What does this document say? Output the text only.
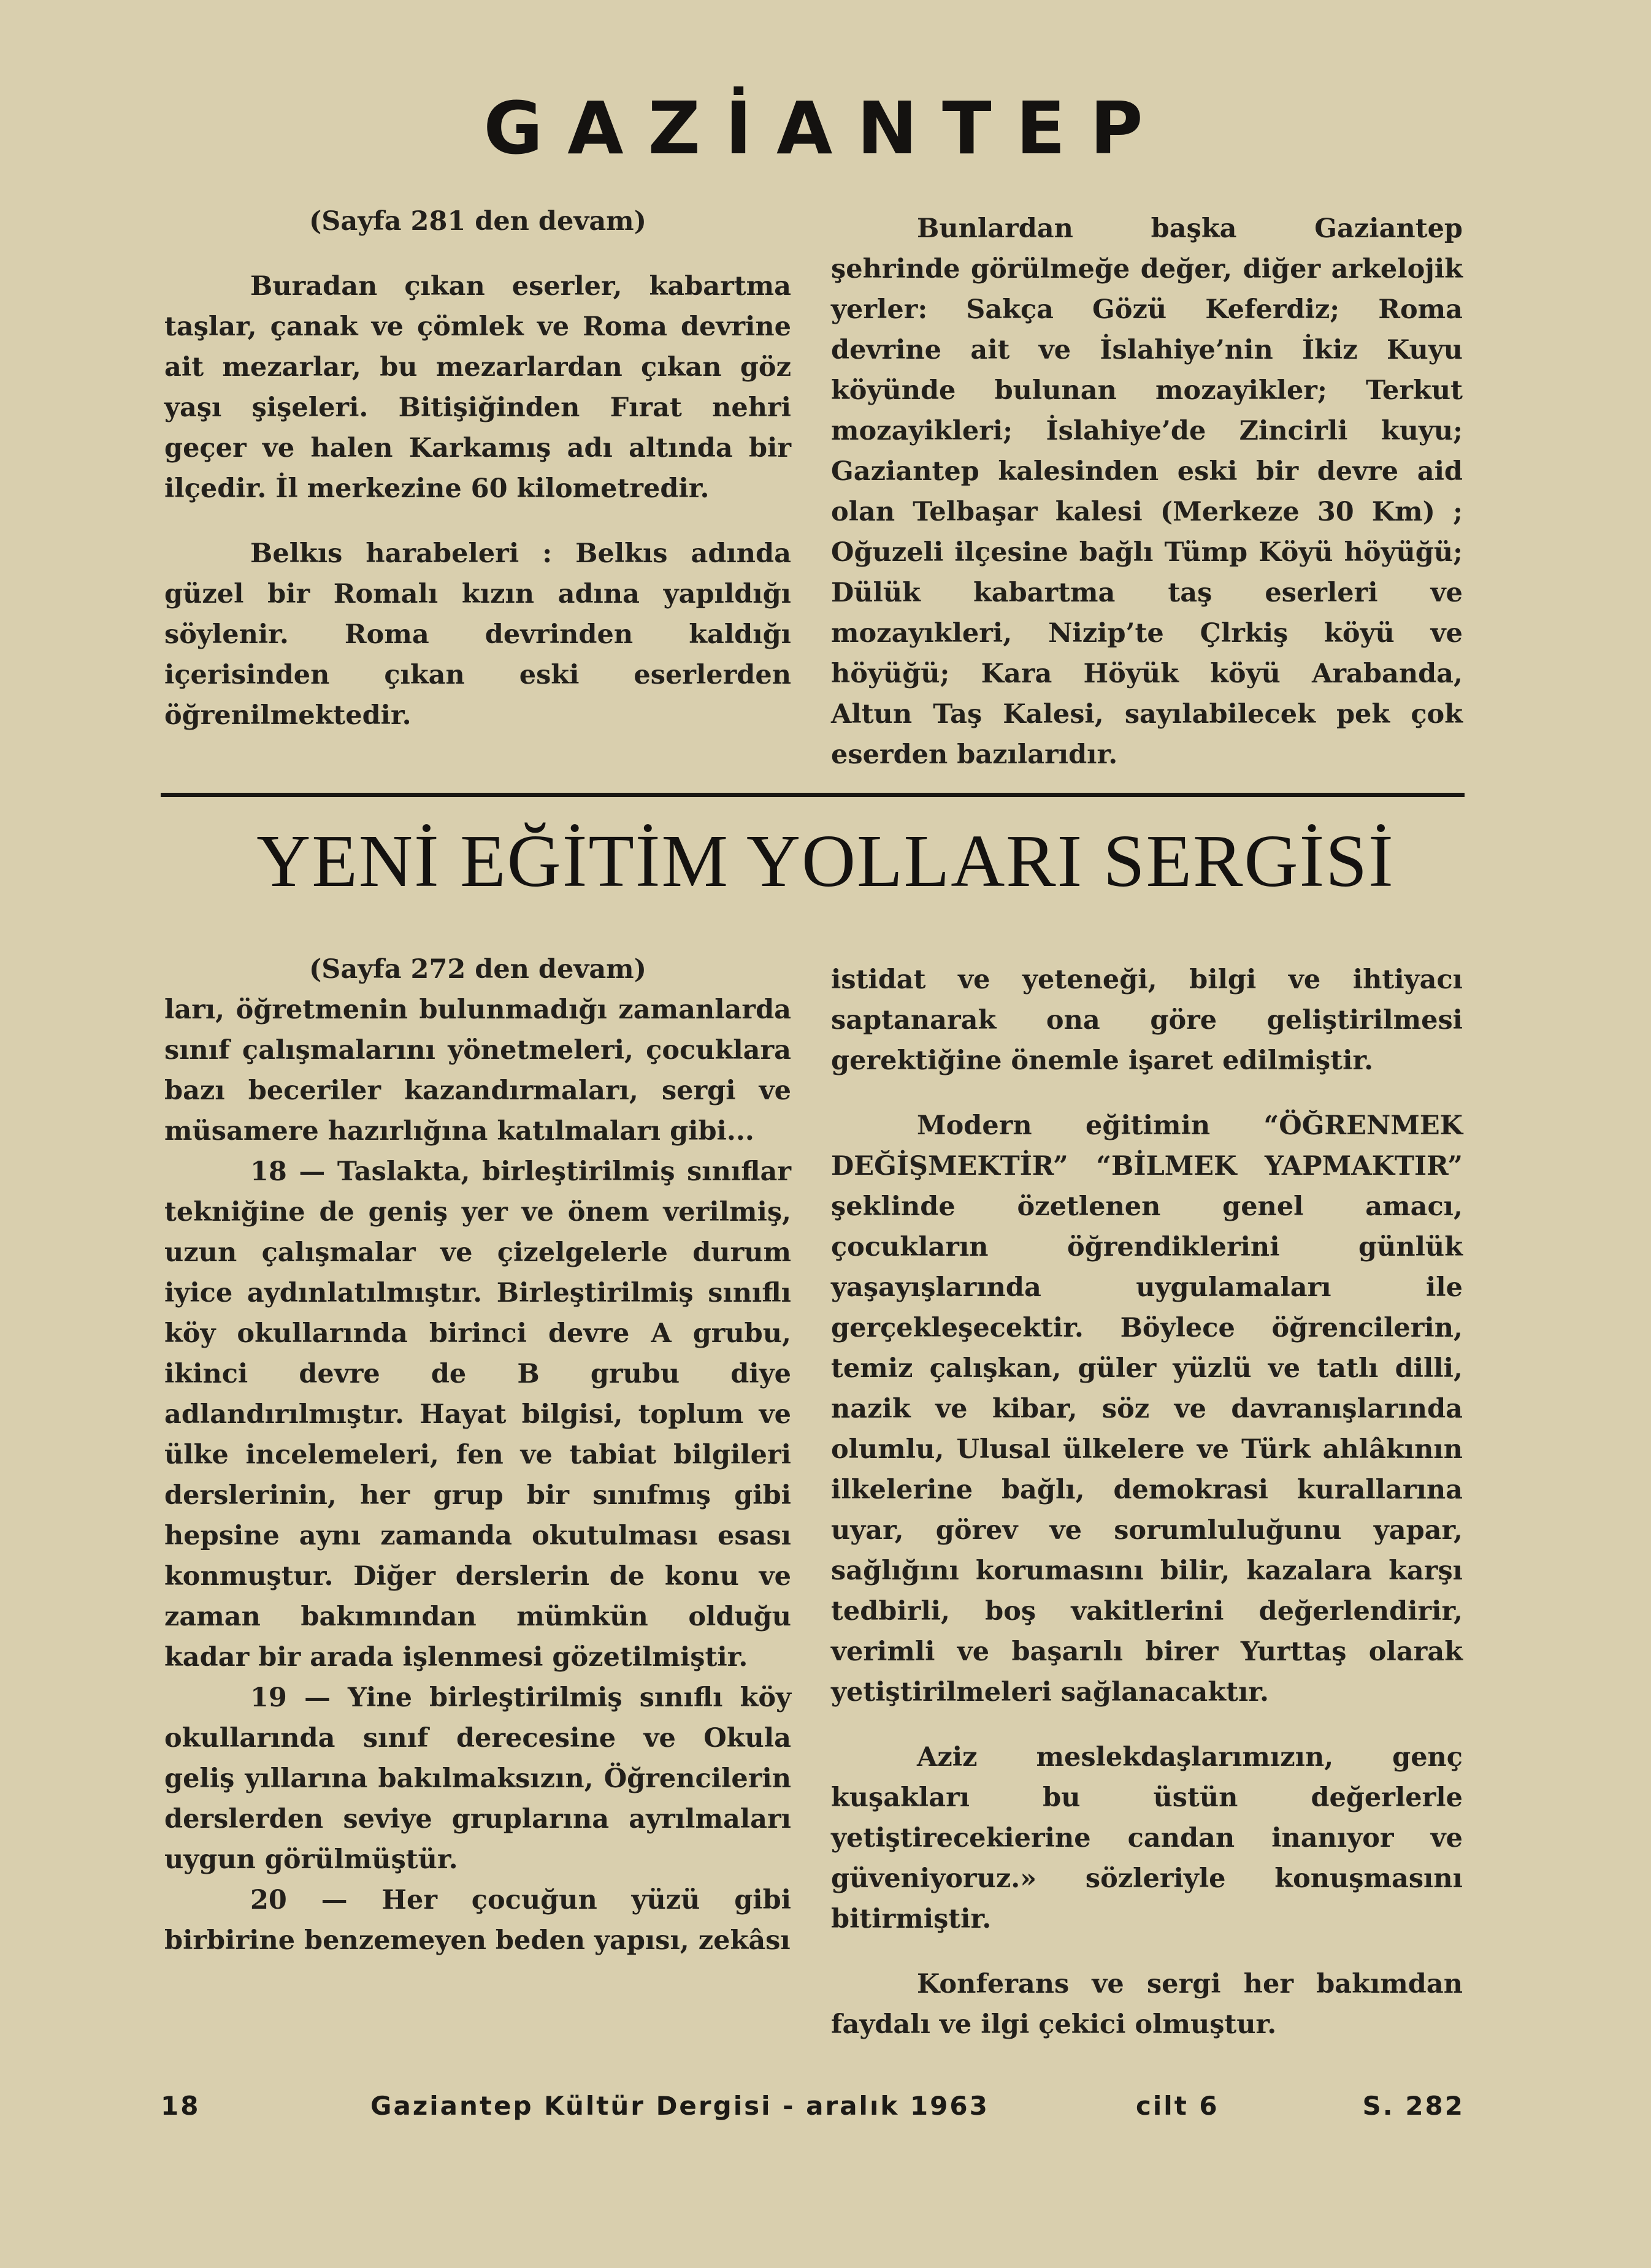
GAZİANTEP

(Sayfa 281 den devam)

Buradan çıkan eserler, kabartma taşlar, çanak ve çömlek ve Roma devrine ait mezarlar, bu mezarlardan çıkan göz yaşı şişeleri. Bitişiğinden Fırat nehri geçer ve halen Karkamış adı altında bir ilçedir. İl merkezine 60 kilometredir.

Belkıs harabeleri : Belkıs adında güzel bir Romalı kızın adına yapıldığı söylenir. Roma devrinden kaldığı içerisinden çıkan eski eserlerden öğrenilmektedir.

Bunlardan başka Gaziantep şehrinde görülmeğe değer, diğer arkelojik yerler: Sakça Gözü Keferdiz; Roma devrine ait ve İslahiye’nin İkiz Kuyu köyünde bulunan mozayikler; Terkut mozayikleri; İslahiye’de Zincirli kuyu; Gaziantep kalesinden eski bir devre aid olan Telbaşar kalesi (Merkeze 30 Km) ; Oğuzeli ilçesine bağlı Tümp Köyü höyüğü; Dülük kabartma taş eserleri ve mozayıkleri, Nizip’te Çlrkiş köyü ve höyüğü; Kara Höyük köyü Arabanda, Altun Taş Kalesi, sayılabilecek pek çok eserden bazılarıdır.

YENİ EĞİTİM YOLLARI SERGİSİ

(Sayfa 272 den devam)

ları, öğretmenin bulunmadığı zamanlarda sınıf çalışmalarını yönetmeleri, çocuklara bazı beceriler kazandırmaları, sergi ve müsamere hazırlığına katılmaları gibi...

18 — Taslakta, birleştirilmiş sınıflar tekniğine de geniş yer ve önem verilmiş, uzun çalışmalar ve çizelgelerle durum iyice aydınlatılmıştır. Birleştirilmiş sınıflı köy okullarında birinci devre A grubu, ikinci devre de B grubu diye adlandırılmıştır. Hayat bilgisi, toplum ve ülke incelemeleri, fen ve tabiat bilgileri derslerinin, her grup bir sınıfmış gibi hepsine aynı zamanda okutulması esası konmuştur. Diğer derslerin de konu ve zaman bakımından mümkün olduğu kadar bir arada işlenmesi gözetilmiştir.

19 — Yine birleştirilmiş sınıflı köy okullarında sınıf derecesine ve Okula geliş yıllarına bakılmaksızın, Öğrencilerin derslerden seviye gruplarına ayrılmaları uygun görülmüştür.

20 — Her çocuğun yüzü gibi birbirine benzemeyen beden yapısı, zekâsı

istidat ve yeteneği, bilgi ve ihtiyacı saptanarak ona göre geliştirilmesi gerektiğine önemle işaret edilmiştir.

Modern eğitimin “ÖĞRENMEK DEĞİŞMEKTİR” “BİLMEK YAPMAKTIR” şeklinde özetlenen genel amacı, çocukların öğrendiklerini günlük yaşayışlarında uygulamaları ile gerçekleşecektir. Böylece öğrencilerin, temiz çalışkan, güler yüzlü ve tatlı dilli, nazik ve kibar, söz ve davranışlarında olumlu, Ulusal ülkelere ve Türk ahlâkının ilkelerine bağlı, demokrasi kurallarına uyar, görev ve sorumluluğunu yapar, sağlığını korumasını bilir, kazalara karşı tedbirli, boş vakitlerini değerlendirir, verimli ve başarılı birer Yurttaş olarak yetiştirilmeleri sağlanacaktır.

Aziz meslekdaşlarımızın, genç kuşakları bu üstün değerlerle yetiştirecekierine candan inanıyor ve güveniyoruz.» sözleriyle konuşmasını bitirmiştir.

Konferans ve sergi her bakımdan faydalı ve ilgi çekici olmuştur.

18	Gaziantep Kültür Dergisi - aralık 1963	cilt 6	S. 282
